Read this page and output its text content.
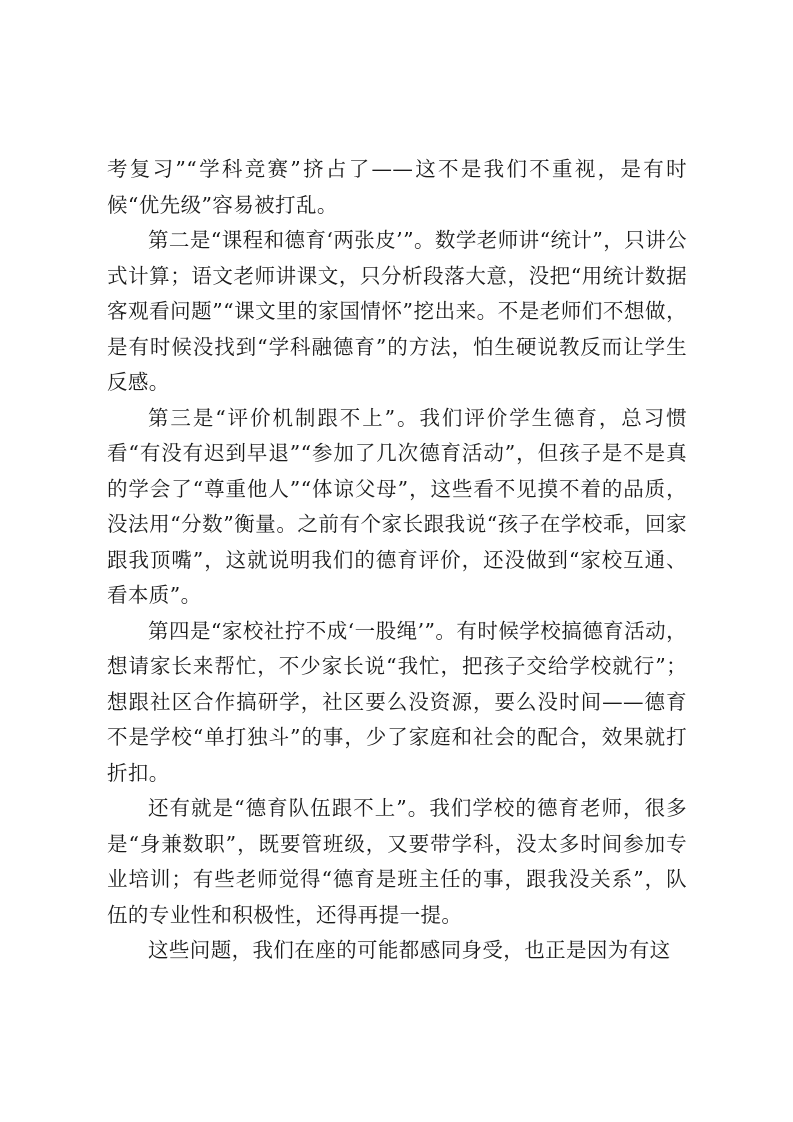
考复习”“学科竞赛”挤占了——这不是我们不重视，是有时候“优先级”容易被打乱。

第二是“课程和德育‘两张皮’”。数学老师讲“统计”，只讲公式计算；语文老师讲课文，只分析段落大意，没把“用统计数据客观看问题”“课文里的家国情怀”挖出来。不是老师们不想做，是有时候没找到“学科融德育”的方法，怕生硬说教反而让学生反感。

第三是“评价机制跟不上”。我们评价学生德育，总习惯看“有没有迟到早退”“参加了几次德育活动”，但孩子是不是真的学会了“尊重他人”“体谅父母”，这些看不见摸不着的品质，没法用“分数”衡量。之前有个家长跟我说“孩子在学校乖，回家跟我顶嘴”，这就说明我们的德育评价，还没做到“家校互通、看本质”。

第四是“家校社拧不成‘一股绳’”。有时候学校搞德育活动，想请家长来帮忙，不少家长说“我忙，把孩子交给学校就行”；想跟社区合作搞研学，社区要么没资源，要么没时间——德育不是学校“单打独斗”的事，少了家庭和社会的配合，效果就打折扣。

还有就是“德育队伍跟不上”。我们学校的德育老师，很多是“身兼数职”，既要管班级，又要带学科，没太多时间参加专业培训；有些老师觉得“德育是班主任的事，跟我没关系”，队伍的专业性和积极性，还得再提一提。

这些问题，我们在座的可能都感同身受，也正是因为有这
